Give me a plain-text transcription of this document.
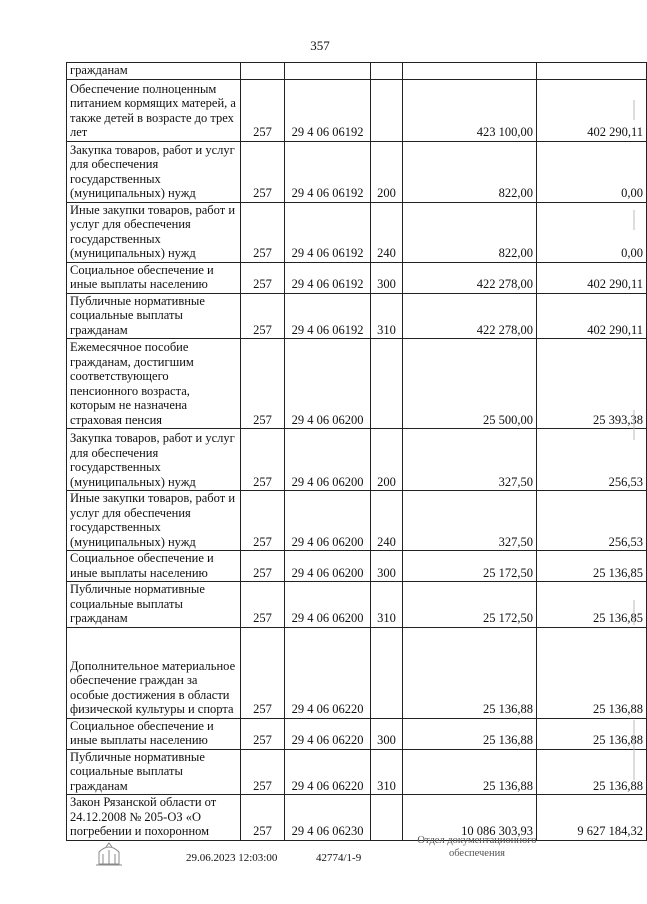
357
гражданам					
Обеспечение полноценным питанием кормящих матерей, а также детей в возрасте до трех лет	257	29 4 06 06192		423 100,00	402 290,11
Закупка товаров, работ и услуг для обеспечения государственных (муниципальных) нужд	257	29 4 06 06192	200	822,00	0,00
Иные закупки товаров, работ и услуг для обеспечения государственных (муниципальных) нужд	257	29 4 06 06192	240	822,00	0,00
Социальное обеспечение и иные выплаты населению	257	29 4 06 06192	300	422 278,00	402 290,11
Публичные нормативные социальные выплаты гражданам	257	29 4 06 06192	310	422 278,00	402 290,11
Ежемесячное пособие гражданам, достигшим соответствующего пенсионного возраста, которым не назначена страховая пенсия	257	29 4 06 06200		25 500,00	25 393,38
Закупка товаров, работ и услуг для обеспечения государственных (муниципальных) нужд	257	29 4 06 06200	200	327,50	256,53
Иные закупки товаров, работ и услуг для обеспечения государственных (муниципальных) нужд	257	29 4 06 06200	240	327,50	256,53
Социальное обеспечение и иные выплаты населению	257	29 4 06 06200	300	25 172,50	25 136,85
Публичные нормативные социальные выплаты гражданам	257	29 4 06 06200	310	25 172,50	25 136,85
Дополнительное материальное обеспечение граждан за особые достижения в области физической культуры и спорта	257	29 4 06 06220		25 136,88	25 136,88
Социальное обеспечение и иные выплаты населению	257	29 4 06 06220	300	25 136,88	25 136,88
Публичные нормативные социальные выплаты гражданам	257	29 4 06 06220	310	25 136,88	25 136,88
Закон Рязанской области от 24.12.2008 № 205-ОЗ «О погребении и похоронном	257	29 4 06 06230		10 086 303,93	9 627 184,32
29.06.2023 12:03:00	42774/1-9
Отдел документационного
обеспечения
